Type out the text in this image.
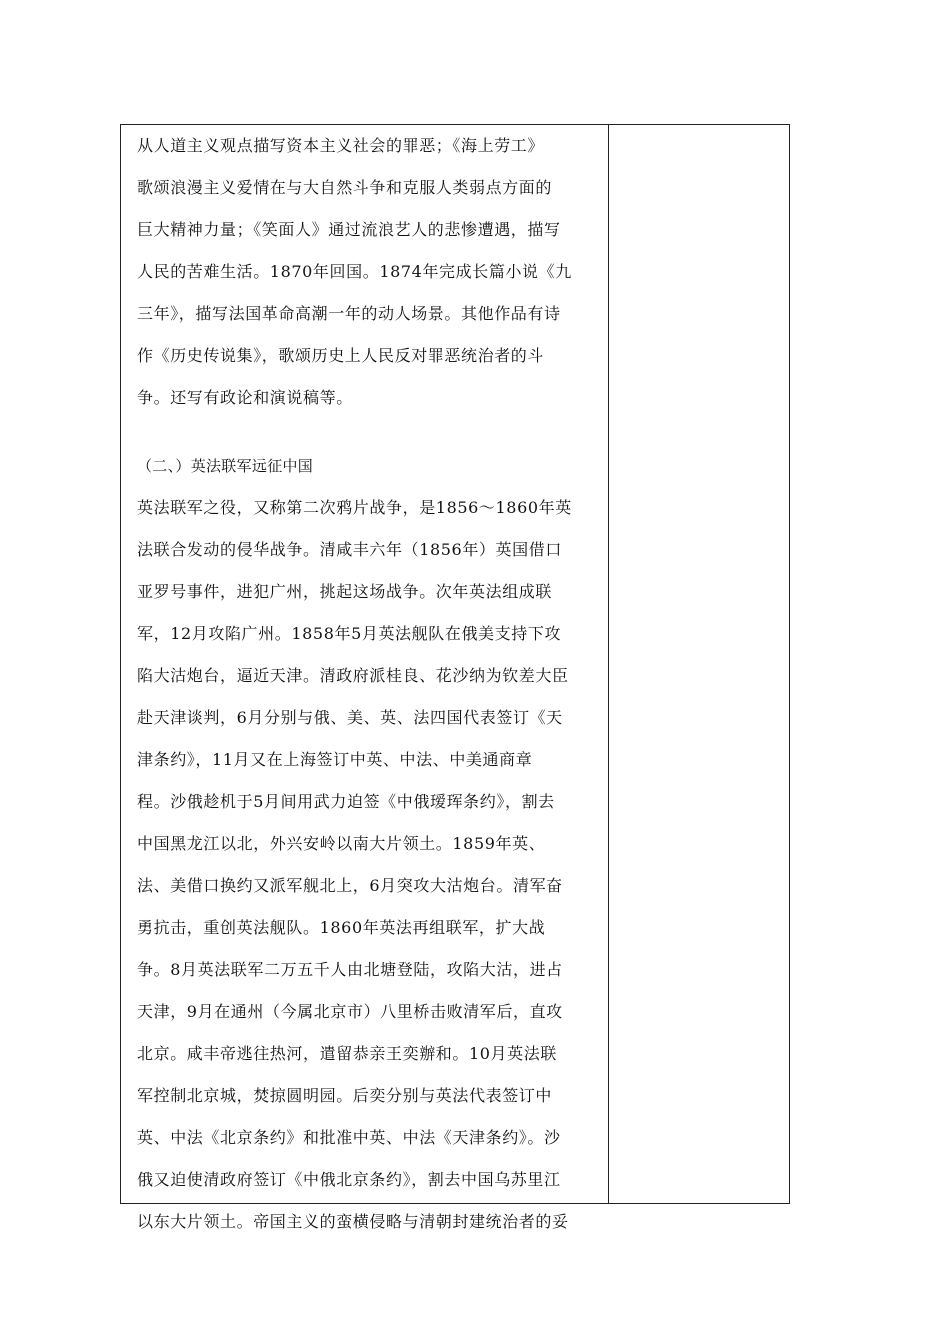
从人道主义观点描写资本主义社会的罪恶；《海上劳工》
歌颂浪漫主义爱情在与大自然斗争和克服人类弱点方面的
巨大精神力量；《笑面人》通过流浪艺人的悲惨遭遇，描写
人民的苦难生活。1870年回国。1874年完成长篇小说《九
三年》，描写法国革命高潮一年的动人场景。其他作品有诗
作《历史传说集》，歌颂历史上人民反对罪恶统治者的斗
争。还写有政论和演说稿等。
（二、）英法联军远征中国
英法联军之役，又称第二次鸦片战争，是1856～1860年英
法联合发动的侵华战争。清咸丰六年（1856年）英国借口
亚罗号事件，进犯广州，挑起这场战争。次年英法组成联
军，12月攻陷广州。1858年5月英法舰队在俄美支持下攻
陷大沽炮台，逼近天津。清政府派桂良、花沙纳为钦差大臣
赴天津谈判，6月分别与俄、美、英、法四国代表签订《天
津条约》，11月又在上海签订中英、中法、中美通商章
程。沙俄趁机于5月间用武力迫签《中俄瑷珲条约》，割去
中国黑龙江以北，外兴安岭以南大片领土。1859年英、
法、美借口换约又派军舰北上，6月突攻大沽炮台。清军奋
勇抗击，重创英法舰队。1860年英法再组联军，扩大战
争。8月英法联军二万五千人由北塘登陆，攻陷大沽，进占
天津，9月在通州（今属北京市）八里桥击败清军后，直攻
北京。咸丰帝逃往热河，遣留恭亲王奕辦和。10月英法联
军控制北京城，焚掠圆明园。后奕分别与英法代表签订中
英、中法《北京条约》和批准中英、中法《天津条约》。沙
俄又迫使清政府签订《中俄北京条约》，割去中国乌苏里江
以东大片领土。帝国主义的蛮横侵略与清朝封建统治者的妥
